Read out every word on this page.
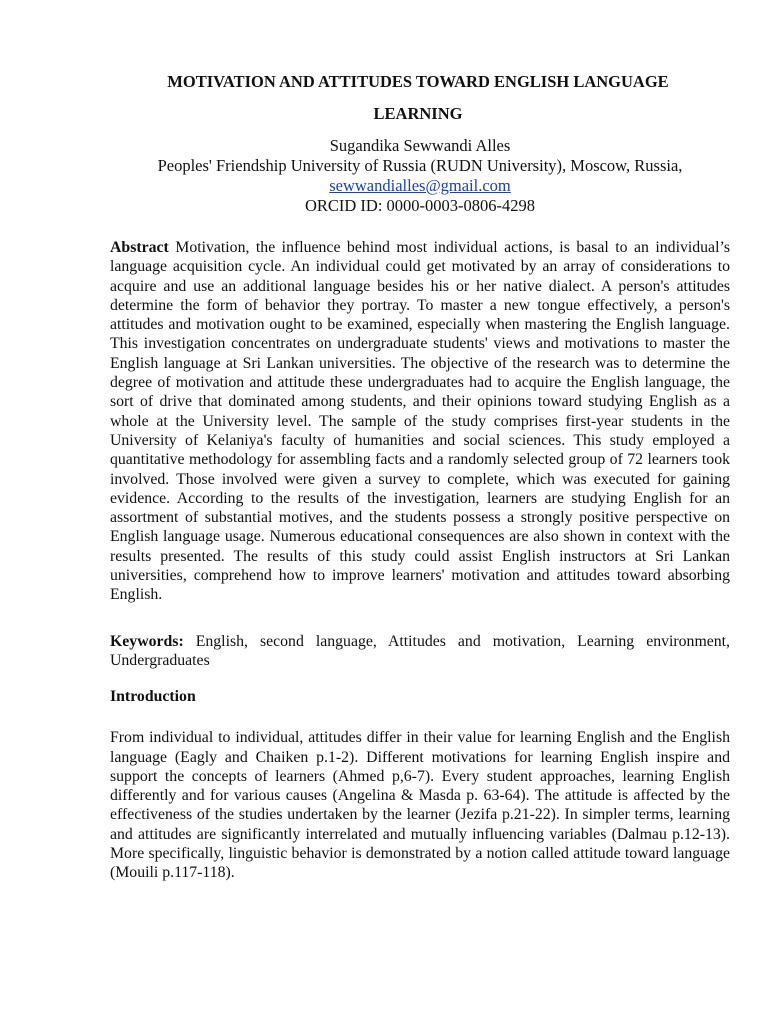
MOTIVATION AND ATTITUDES TOWARD ENGLISH LANGUAGE
LEARNING
Sugandika Sewwandi Alles
Peoples' Friendship University of Russia (RUDN University), Moscow, Russia,
sewwandialles@gmail.com
ORCID ID: 0000-0003-0806-4298
Abstract Motivation, the influence behind most individual actions, is basal to an individual’s language acquisition cycle. An individual could get motivated by an array of considerations to acquire and use an additional language besides his or her native dialect. A person's attitudes determine the form of behavior they portray. To master a new tongue effectively, a person's attitudes and motivation ought to be examined, especially when mastering the English language. This investigation concentrates on undergraduate students' views and motivations to master the English language at Sri Lankan universities. The objective of the research was to determine the degree of motivation and attitude these undergraduates had to acquire the English language, the sort of drive that dominated among students, and their opinions toward studying English as a whole at the University level. The sample of the study comprises first-year students in the University of Kelaniya's faculty of humanities and social sciences. This study employed a quantitative methodology for assembling facts and a randomly selected group of 72 learners took involved. Those involved were given a survey to complete, which was executed for gaining evidence. According to the results of the investigation, learners are studying English for an assortment of substantial motives, and the students possess a strongly positive perspective on English language usage. Numerous educational consequences are also shown in context with the results presented. The results of this study could assist English instructors at Sri Lankan universities, comprehend how to improve learners' motivation and attitudes toward absorbing English.
Keywords: English, second language, Attitudes and motivation, Learning environment, Undergraduates
Introduction
From individual to individual, attitudes differ in their value for learning English and the English language (Eagly and Chaiken p.1-2). Different motivations for learning English inspire and support the concepts of learners (Ahmed p,6-7). Every student approaches, learning English differently and for various causes (Angelina & Masda p. 63-64). The attitude is affected by the effectiveness of the studies undertaken by the learner (Jezifa p.21-22). In simpler terms, learning and attitudes are significantly interrelated and mutually influencing variables (Dalmau p.12-13). More specifically, linguistic behavior is demonstrated by a notion called attitude toward language (Mouili p.117-118).
